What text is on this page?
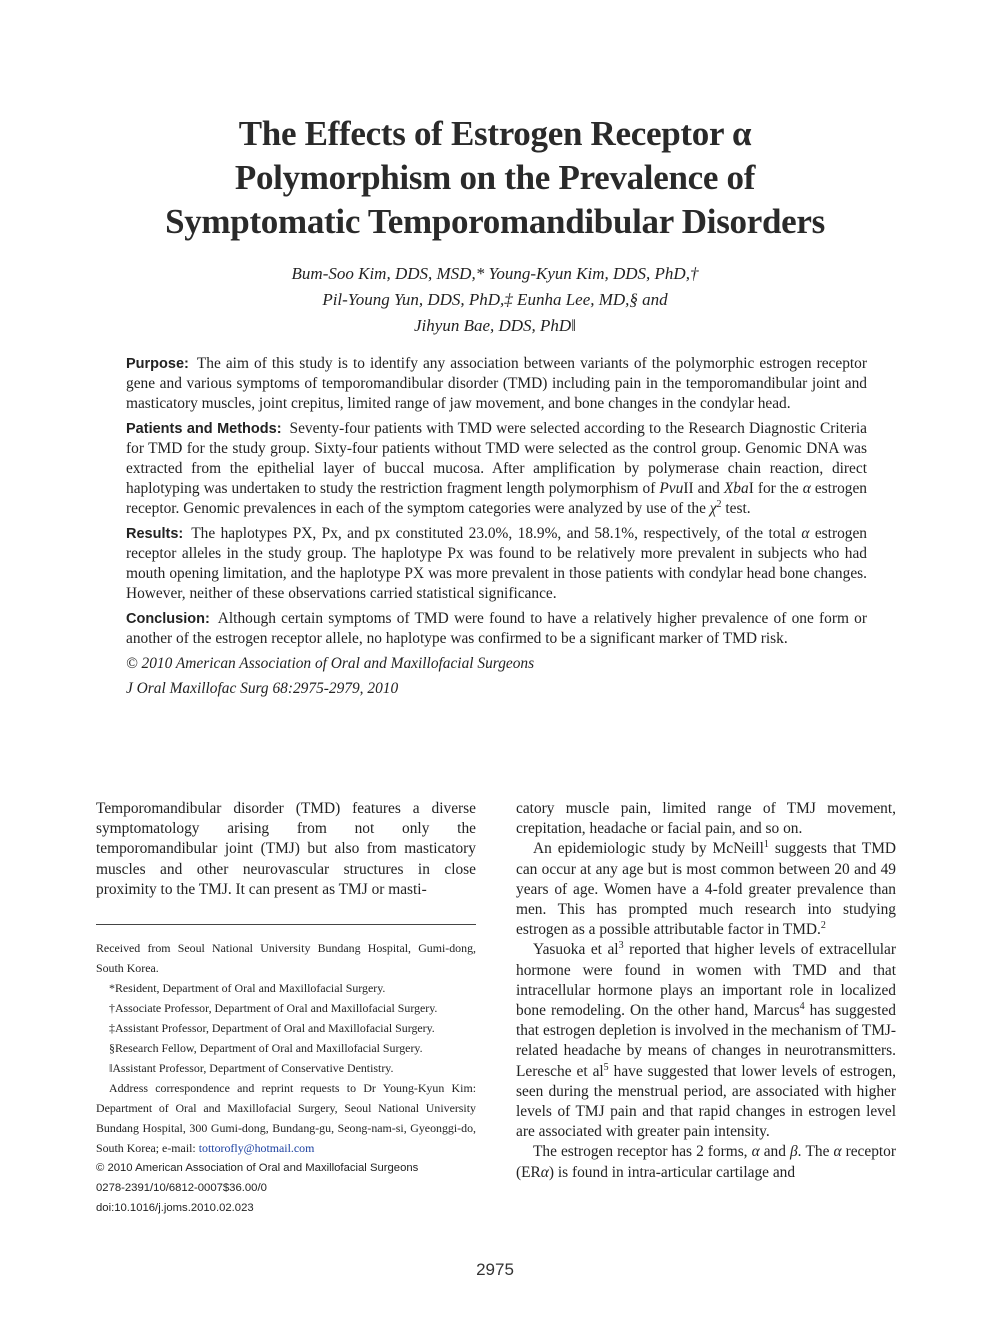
The Effects of Estrogen Receptor α
Polymorphism on the Prevalence of
Symptomatic Temporomandibular Disorders
Bum-Soo Kim, DDS, MSD,* Young-Kyun Kim, DDS, PhD,†
Pil-Young Yun, DDS, PhD,‡ Eunha Lee, MD,§ and
Jihyun Bae, DDS, PhD‖

Purpose: The aim of this study is to identify any association between variants of the polymorphic estrogen receptor gene and various symptoms of temporomandibular disorder (TMD) including pain in the temporomandibular joint and masticatory muscles, joint crepitus, limited range of jaw movement, and bone changes in the condylar head.

Patients and Methods: Seventy-four patients with TMD were selected according to the Research Diagnostic Criteria for TMD for the study group. Sixty-four patients without TMD were selected as the control group. Genomic DNA was extracted from the epithelial layer of buccal mucosa. After amplification by polymerase chain reaction, direct haplotyping was undertaken to study the restriction fragment length polymorphism of PvuII and XbaI for the α estrogen receptor. Genomic prevalences in each of the symptom categories were analyzed by use of the $\chi^2$ test.

Results: The haplotypes PX, Px, and px constituted 23.0%, 18.9%, and 58.1%, respectively, of the total α estrogen receptor alleles in the study group. The haplotype Px was found to be relatively more prevalent in subjects who had mouth opening limitation, and the haplotype PX was more prevalent in those patients with condylar head bone changes. However, neither of these observations carried statistical significance.

Conclusion: Although certain symptoms of TMD were found to have a relatively higher prevalence of one form or another of the estrogen receptor allele, no haplotype was confirmed to be a significant marker of TMD risk.

© 2010 American Association of Oral and Maxillofacial Surgeons

J Oral Maxillofac Surg 68:2975-2979, 2010

Temporomandibular disorder (TMD) features a diverse symptomatology arising from not only the temporomandibular joint (TMJ) but also from masticatory muscles and other neurovascular structures in close proximity to the TMJ. It can present as TMJ or masti-

Received from Seoul National University Bundang Hospital, Gumi-dong, South Korea.

*Resident, Department of Oral and Maxillofacial Surgery.

†Associate Professor, Department of Oral and Maxillofacial Surgery.

‡Assistant Professor, Department of Oral and Maxillofacial Surgery.

§Research Fellow, Department of Oral and Maxillofacial Surgery.

‖Assistant Professor, Department of Conservative Dentistry.

Address correspondence and reprint requests to Dr Young-Kyun Kim: Department of Oral and Maxillofacial Surgery, Seoul National University Bundang Hospital, 300 Gumi-dong, Bundang-gu, Seong-nam-si, Gyeonggi-do, South Korea; e-mail: tottorofly@hotmail.com

© 2010 American Association of Oral and Maxillofacial Surgeons

0278-2391/10/6812-0007$36.00/0

doi:10.1016/j.joms.2010.02.023

catory muscle pain, limited range of TMJ movement, crepitation, headache or facial pain, and so on.

An epidemiologic study by McNeill$^1$ suggests that TMD can occur at any age but is most common between 20 and 49 years of age. Women have a 4-fold greater prevalence than men. This has prompted much research into studying estrogen as a possible attributable factor in TMD.$^2$

Yasuoka et $al^3$ reported that higher levels of extracellular hormone were found in women with TMD and that intracellular hormone plays an important role in localized bone remodeling. On the other hand, Marcus$^4$ has suggested that estrogen depletion is involved in the mechanism of TMJ-related headache by means of changes in neurotransmitters. Leresche et $al^5$ have suggested that lower levels of estrogen, seen during the menstrual period, are associated with higher levels of TMJ pain and that rapid changes in estrogen level are associated with greater pain intensity.

The estrogen receptor has 2 forms, α and β. The α receptor (ERα) is found in intra-articular cartilage and

2975
